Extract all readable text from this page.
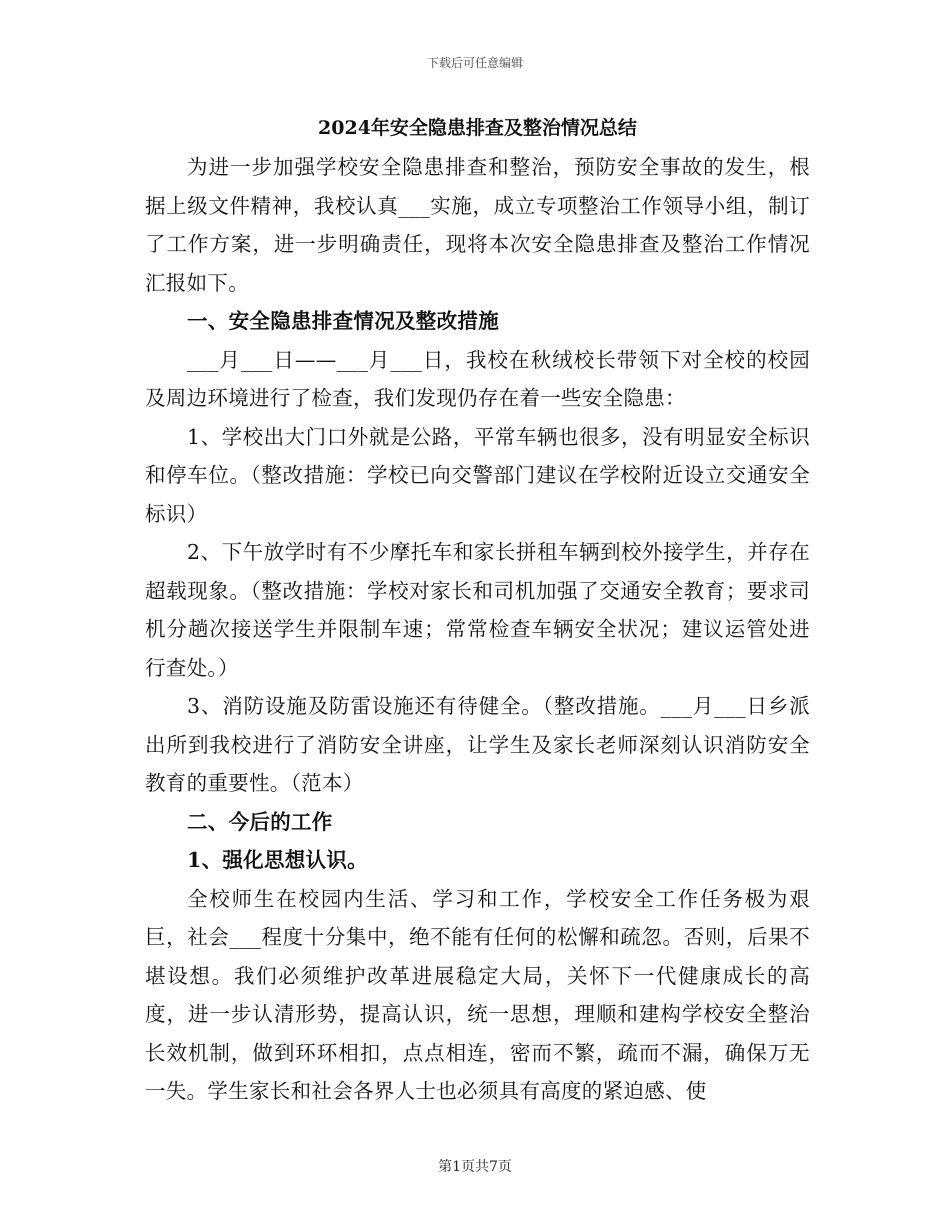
下载后可任意编辑
2024年安全隐患排查及整治情况总结

为进一步加强学校安全隐患排查和整治，预防安全事故的发生，根据上级文件精神，我校认真___实施，成立专项整治工作领导小组，制订了工作方案，进一步明确责任，现将本次安全隐患排查及整治工作情况汇报如下。

一、安全隐患排查情况及整改措施

___月___日——___月___日，我校在秋绒校长带领下对全校的校园及周边环境进行了检查，我们发现仍存在着一些安全隐患：

1、学校出大门口外就是公路，平常车辆也很多，没有明显安全标识和停车位。（整改措施：学校已向交警部门建议在学校附近设立交通安全标识）

2、下午放学时有不少摩托车和家长拼租车辆到校外接学生，并存在超载现象。（整改措施：学校对家长和司机加强了交通安全教育；要求司机分趟次接送学生并限制车速；常常检查车辆安全状况；建议运管处进行查处。）

3、消防设施及防雷设施还有待健全。（整改措施。___月___日乡派出所到我校进行了消防安全讲座，让学生及家长老师深刻认识消防安全教育的重要性。（范本）

二、今后的工作

1、强化思想认识。

全校师生在校园内生活、学习和工作，学校安全工作任务极为艰巨，社会___程度十分集中，绝不能有任何的松懈和疏忽。否则，后果不堪设想。我们必须维护改革进展稳定大局，关怀下一代健康成长的高度，进一步认清形势，提高认识，统一思想，理顺和建构学校安全整治长效机制，做到环环相扣，点点相连，密而不繁，疏而不漏，确保万无一失。学生家长和社会各界人士也必须具有高度的紧迫感、使

第1页共7页
